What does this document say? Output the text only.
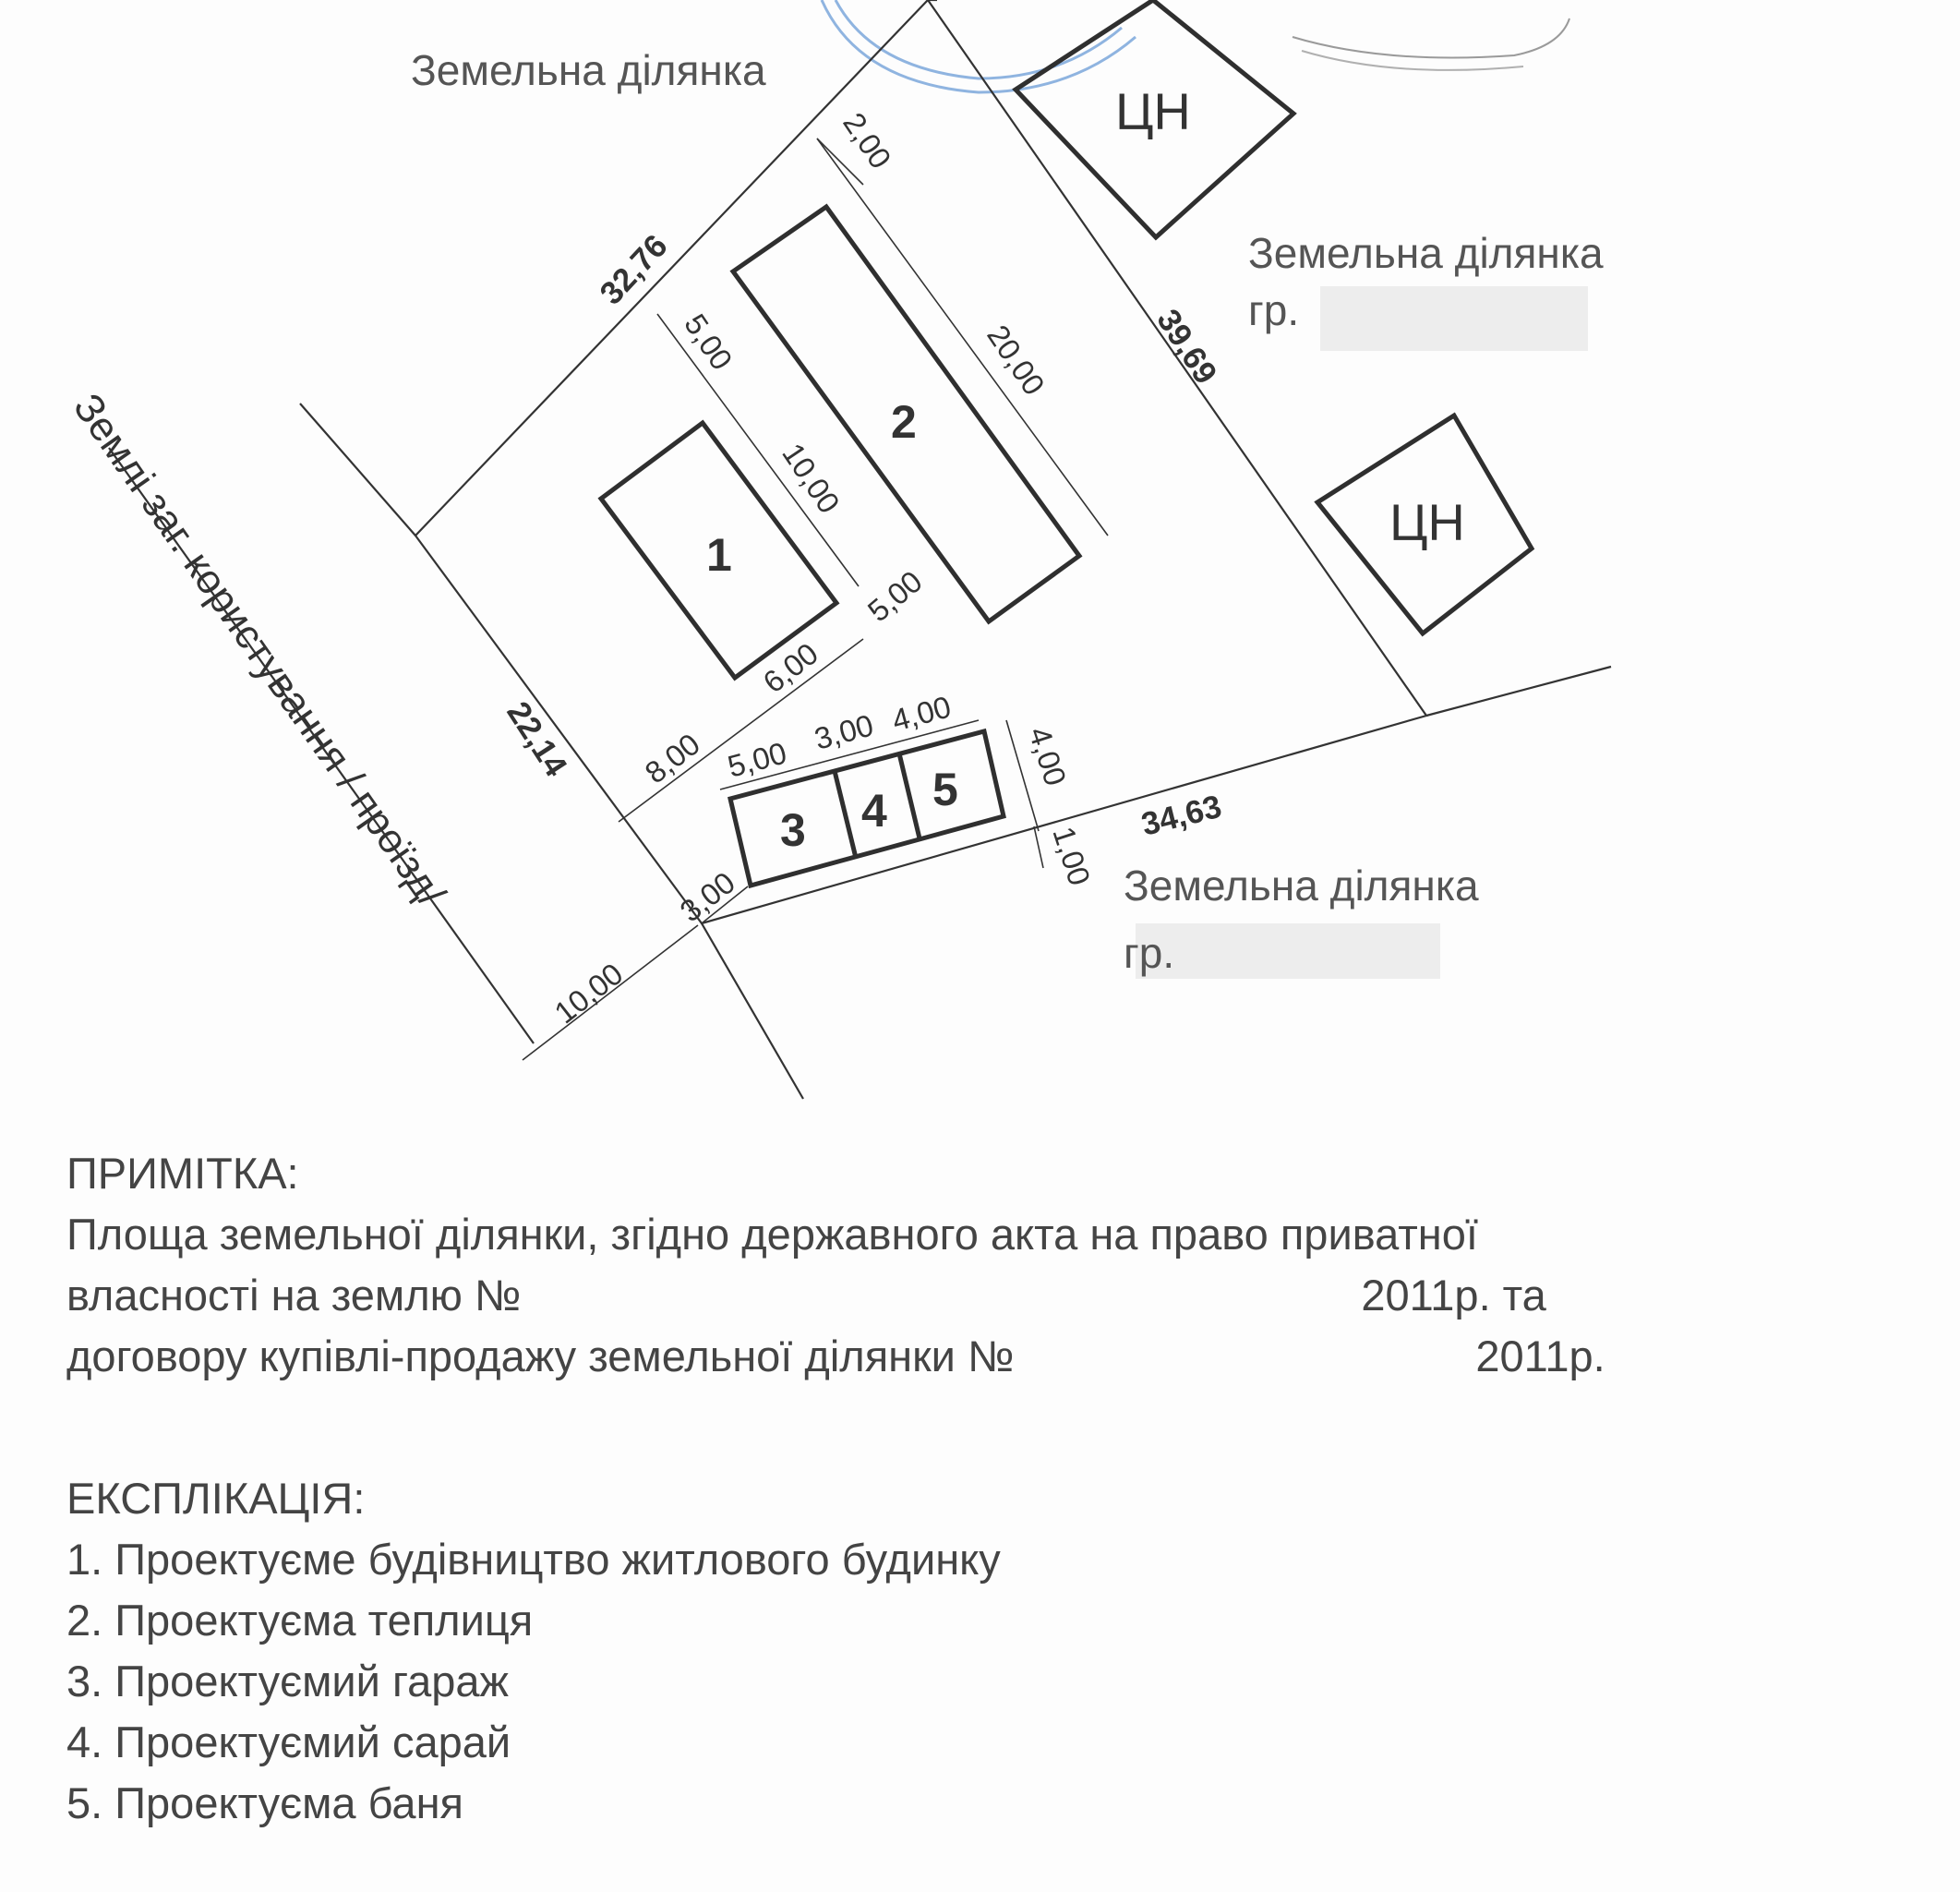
Земельна ділянка
Земельна ділянка
гр.
Земельна ділянка
гр.
Землі заг. користування / проїзд/
ЦН
ЦН
1
2
3 4 5
32,76
39,69
34,63
22,14
2,00
20,00
5,00
10,00
5,00
6,00
8,00 5,00
3,00 4,00
4,00
1,00
3,00
10,00
ПРИМІТКА:
Площа земельної ділянки, згідно державного акта на право приватної
власності на землю №	2011р. та
договору купівлі-продажу земельної ділянки №	2011р.
ЕКСПЛІКАЦІЯ:
1. Проектуєме будівництво житлового будинку
2. Проектуєма теплиця
3. Проектуємий гараж
4. Проектуємий сарай
5. Проектуєма баня
